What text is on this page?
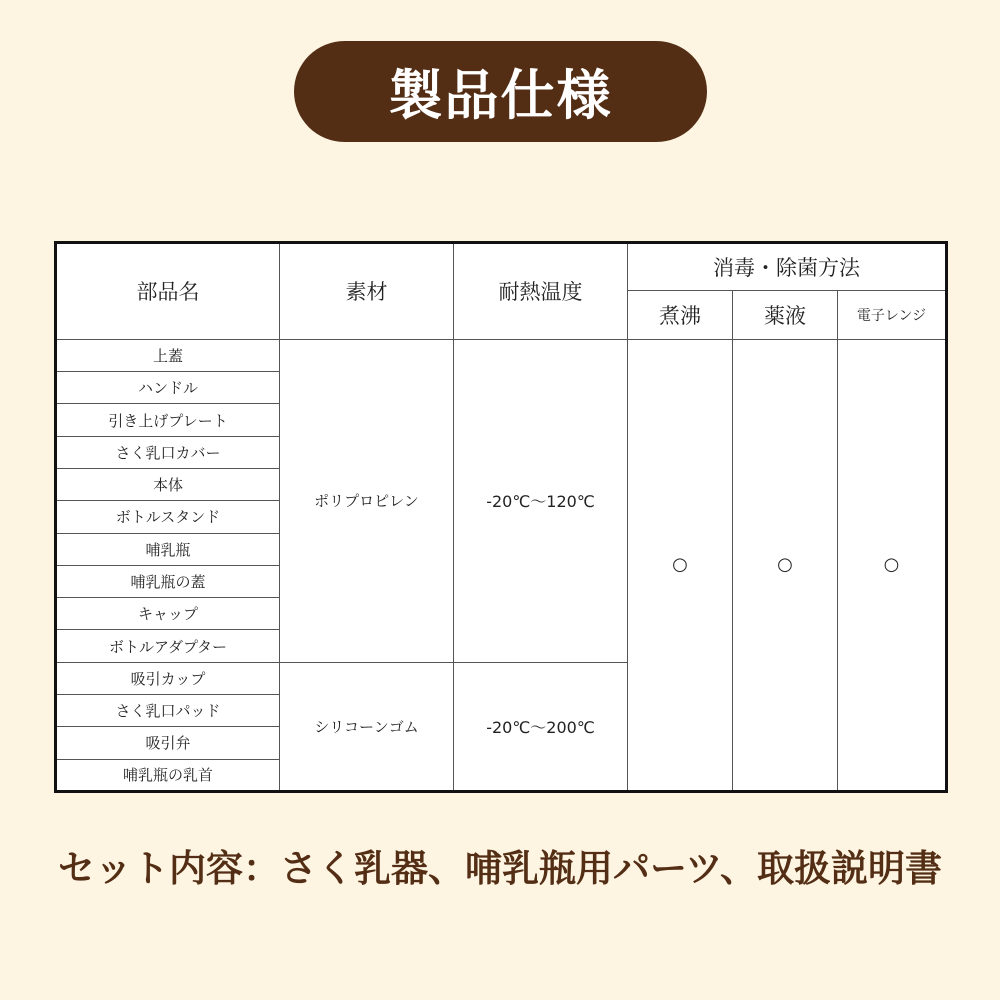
製品仕様
部品名	素材	耐熱温度	消毒・除菌方法		
			煮沸	薬液	電子レンジ
上蓋	ポリプロピレン	-20℃〜120℃	○	○	○
ハンドル					
引き上げプレート					
さく乳口カバー					
本体					
ボトルスタンド					
哺乳瓶					
哺乳瓶の蓋					
キャップ					
ボトルアダプター					
吸引カップ	シリコーンゴム	-20℃〜200℃			
さく乳口パッド					
吸引弁					
哺乳瓶の乳首					
セット内容：さく乳器、哺乳瓶用パーツ、取扱説明書
